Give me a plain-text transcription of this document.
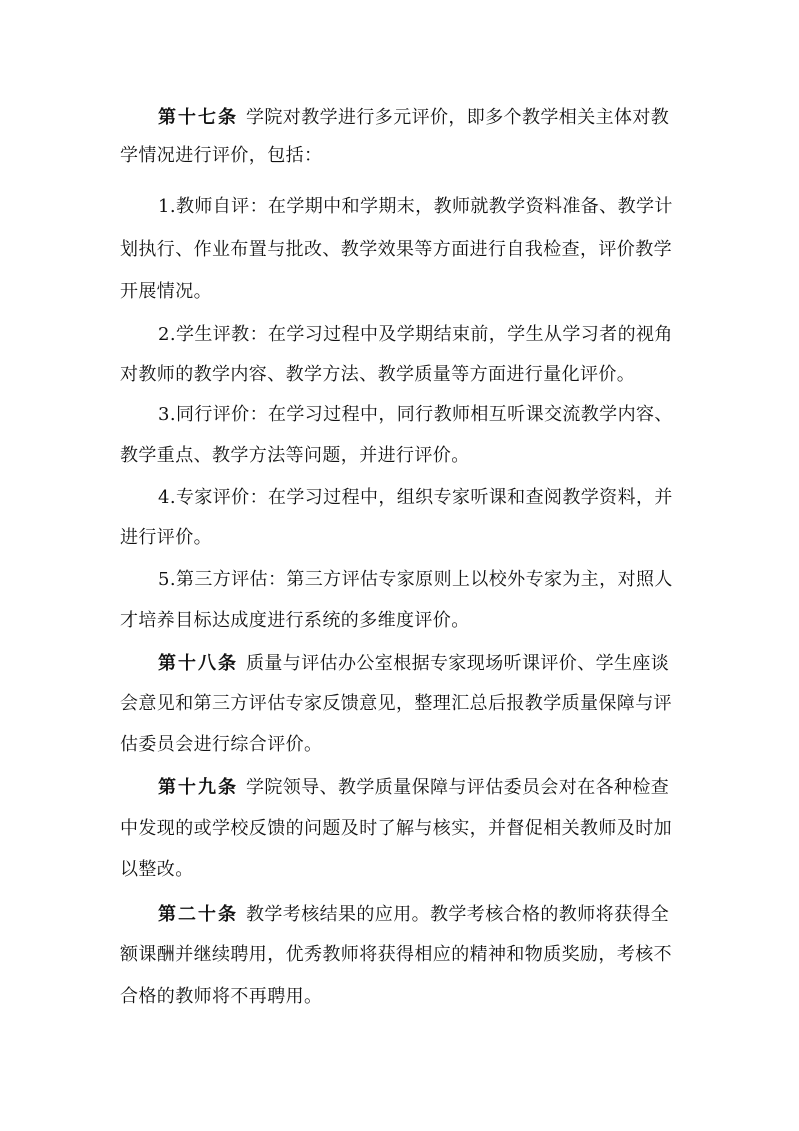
第十七条 学院对教学进行多元评价，即多个教学相关主体对教
学情况进行评价，包括：
1.教师自评：在学期中和学期末，教师就教学资料准备、教学计
划执行、作业布置与批改、教学效果等方面进行自我检查，评价教学
开展情况。
2.学生评教：在学习过程中及学期结束前，学生从学习者的视角
对教师的教学内容、教学方法、教学质量等方面进行量化评价。
3.同行评价：在学习过程中，同行教师相互听课交流教学内容、
教学重点、教学方法等问题，并进行评价。
4.专家评价：在学习过程中，组织专家听课和查阅教学资料，并
进行评价。
5.第三方评估：第三方评估专家原则上以校外专家为主，对照人
才培养目标达成度进行系统的多维度评价。
第十八条 质量与评估办公室根据专家现场听课评价、学生座谈
会意见和第三方评估专家反馈意见，整理汇总后报教学质量保障与评
估委员会进行综合评价。
第十九条 学院领导、教学质量保障与评估委员会对在各种检查
中发现的或学校反馈的问题及时了解与核实，并督促相关教师及时加
以整改。
第二十条 教学考核结果的应用。教学考核合格的教师将获得全
额课酬并继续聘用，优秀教师将获得相应的精神和物质奖励，考核不
合格的教师将不再聘用。
